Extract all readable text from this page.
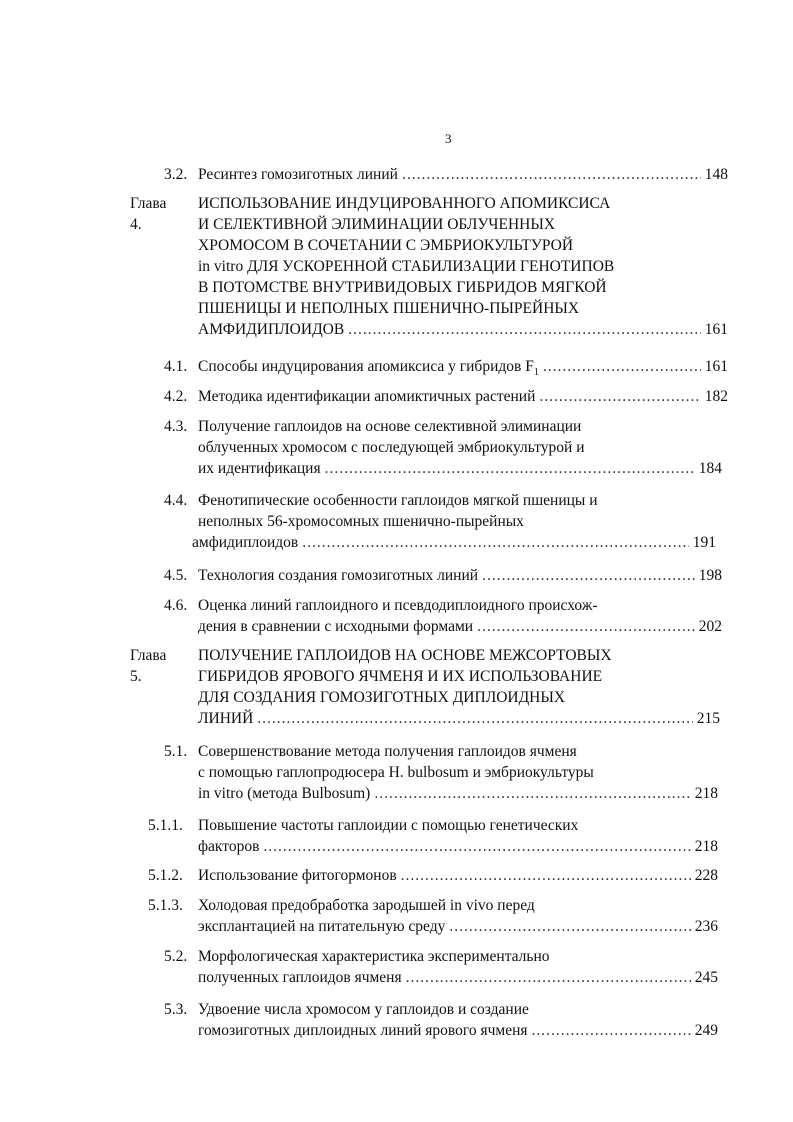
3
3.2. Ресинтез гомозиготных линий .....	148
Глава 4.
ИСПОЛЬЗОВАНИЕ ИНДУЦИРОВАННОГО АПОМИКСИСА
И СЕЛЕКТИВНОЙ ЭЛИМИНАЦИИ ОБЛУЧЕННЫХ
ХРОМОСОМ В СОЧЕТАНИИ С ЭМБРИОКУЛЬТУРОЙ
in vitro ДЛЯ УСКОРЕННОЙ СТАБИЛИЗАЦИИ ГЕНОТИПОВ
В ПОТОМСТВЕ ВНУТРИВИДОВЫХ ГИБРИДОВ МЯГКОЙ
ПШЕНИЦЫ И НЕПОЛНЫХ ПШЕНИЧНО-ПЫРЕЙНЫХ
АМФИДИПЛОИДОВ .....	161
4.1. Способы индуцирования апомиксиса у гибридов $F_1$ .....	161
4.2. Методика идентификации апомиктичных растений .....	182
4.3. Получение гаплоидов на основе селективной элиминации
облученных хромосом с последующей эмбриокультурой и
их идентификация .....	184
4.4. Фенотипические особенности гаплоидов мягкой пшеницы и
неполных 56-хромосомных пшенично-пырейных
амфидиплоидов .....	191
4.5. Технология создания гомозиготных линий .....	198
4.6. Оценка линий гаплоидного и псевдодиплоидного происхож-
дения в сравнении с исходными формами .....	202
Глава 5.
ПОЛУЧЕНИЕ ГАПЛОИДОВ НА ОСНОВЕ МЕЖСОРТОВЫХ
ГИБРИДОВ ЯРОВОГО ЯЧМЕНЯ И ИХ ИСПОЛЬЗОВАНИЕ
ДЛЯ СОЗДАНИЯ ГОМОЗИГОТНЫХ ДИПЛОИДНЫХ
ЛИНИЙ .....	215
5.1. Совершенствование метода получения гаплоидов ячменя
с помощью гаплопродюсера H. bulbosum и эмбриокультуры
in vitro (метода Bulbosum) .....	218
5.1.1. Повышение частоты гаплоидии с помощью генетических
факторов .....	218
5.1.2. Использование фитогормонов .....	228
5.1.3. Холодовая предобработка зародышей in vivo перед
эксплантацией на питательную среду .....	236
5.2. Морфологическая характеристика экспериментально
полученных гаплоидов ячменя .....	245
5.3. Удвоение числа хромосом у гаплоидов и создание
гомозиготных диплоидных линий ярового ячменя .....	249
